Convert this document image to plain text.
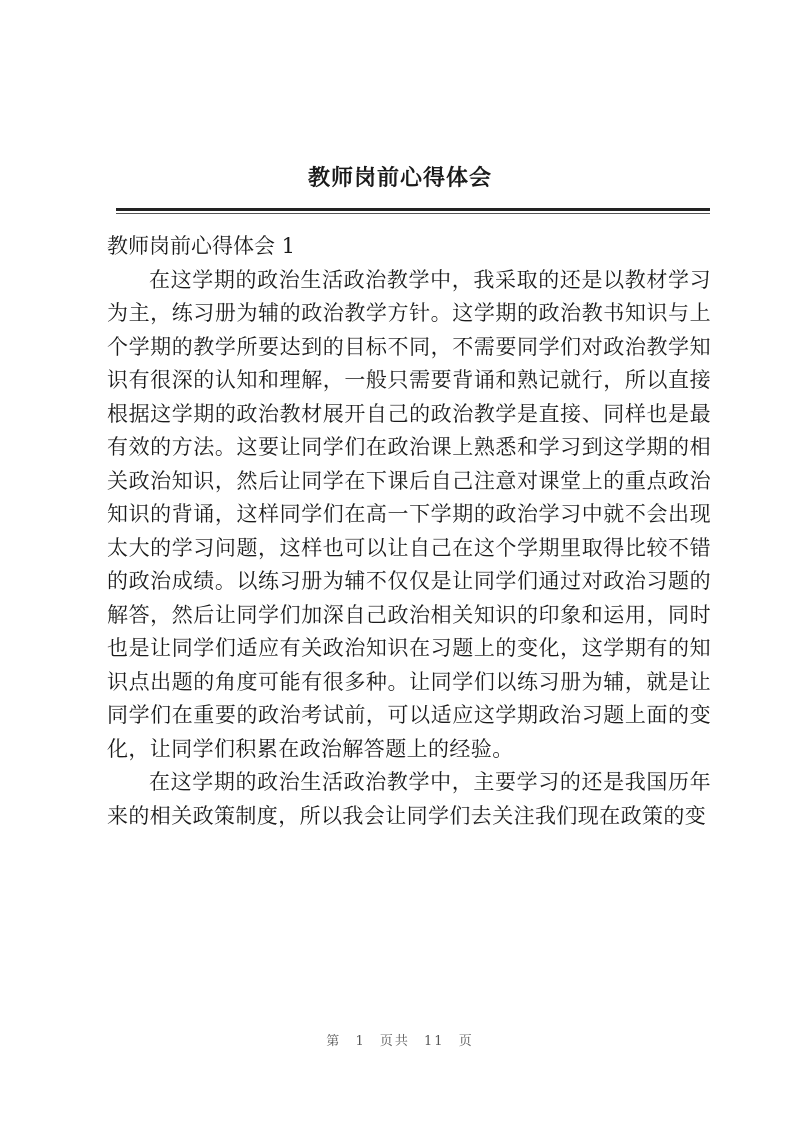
教师岗前心得体会

教师岗前心得体会 1

在这学期的政治生活政治教学中，我采取的还是以教材学习为主，练习册为辅的政治教学方针。这学期的政治教书知识与上个学期的教学所要达到的目标不同，不需要同学们对政治教学知识有很深的认知和理解，一般只需要背诵和熟记就行，所以直接根据这学期的政治教材展开自己的政治教学是直接、同样也是最有效的方法。这要让同学们在政治课上熟悉和学习到这学期的相关政治知识，然后让同学在下课后自己注意对课堂上的重点政治知识的背诵，这样同学们在高一下学期的政治学习中就不会出现太大的学习问题，这样也可以让自己在这个学期里取得比较不错的政治成绩。以练习册为辅不仅仅是让同学们通过对政治习题的解答，然后让同学们加深自己政治相关知识的印象和运用，同时也是让同学们适应有关政治知识在习题上的变化，这学期有的知识点出题的角度可能有很多种。让同学们以练习册为辅，就是让同学们在重要的政治考试前，可以适应这学期政治习题上面的变化，让同学们积累在政治解答题上的经验。

在这学期的政治生活政治教学中，主要学习的还是我国历年来的相关政策制度，所以我会让同学们去关注我们现在政策的变

第 1 页共 11 页
